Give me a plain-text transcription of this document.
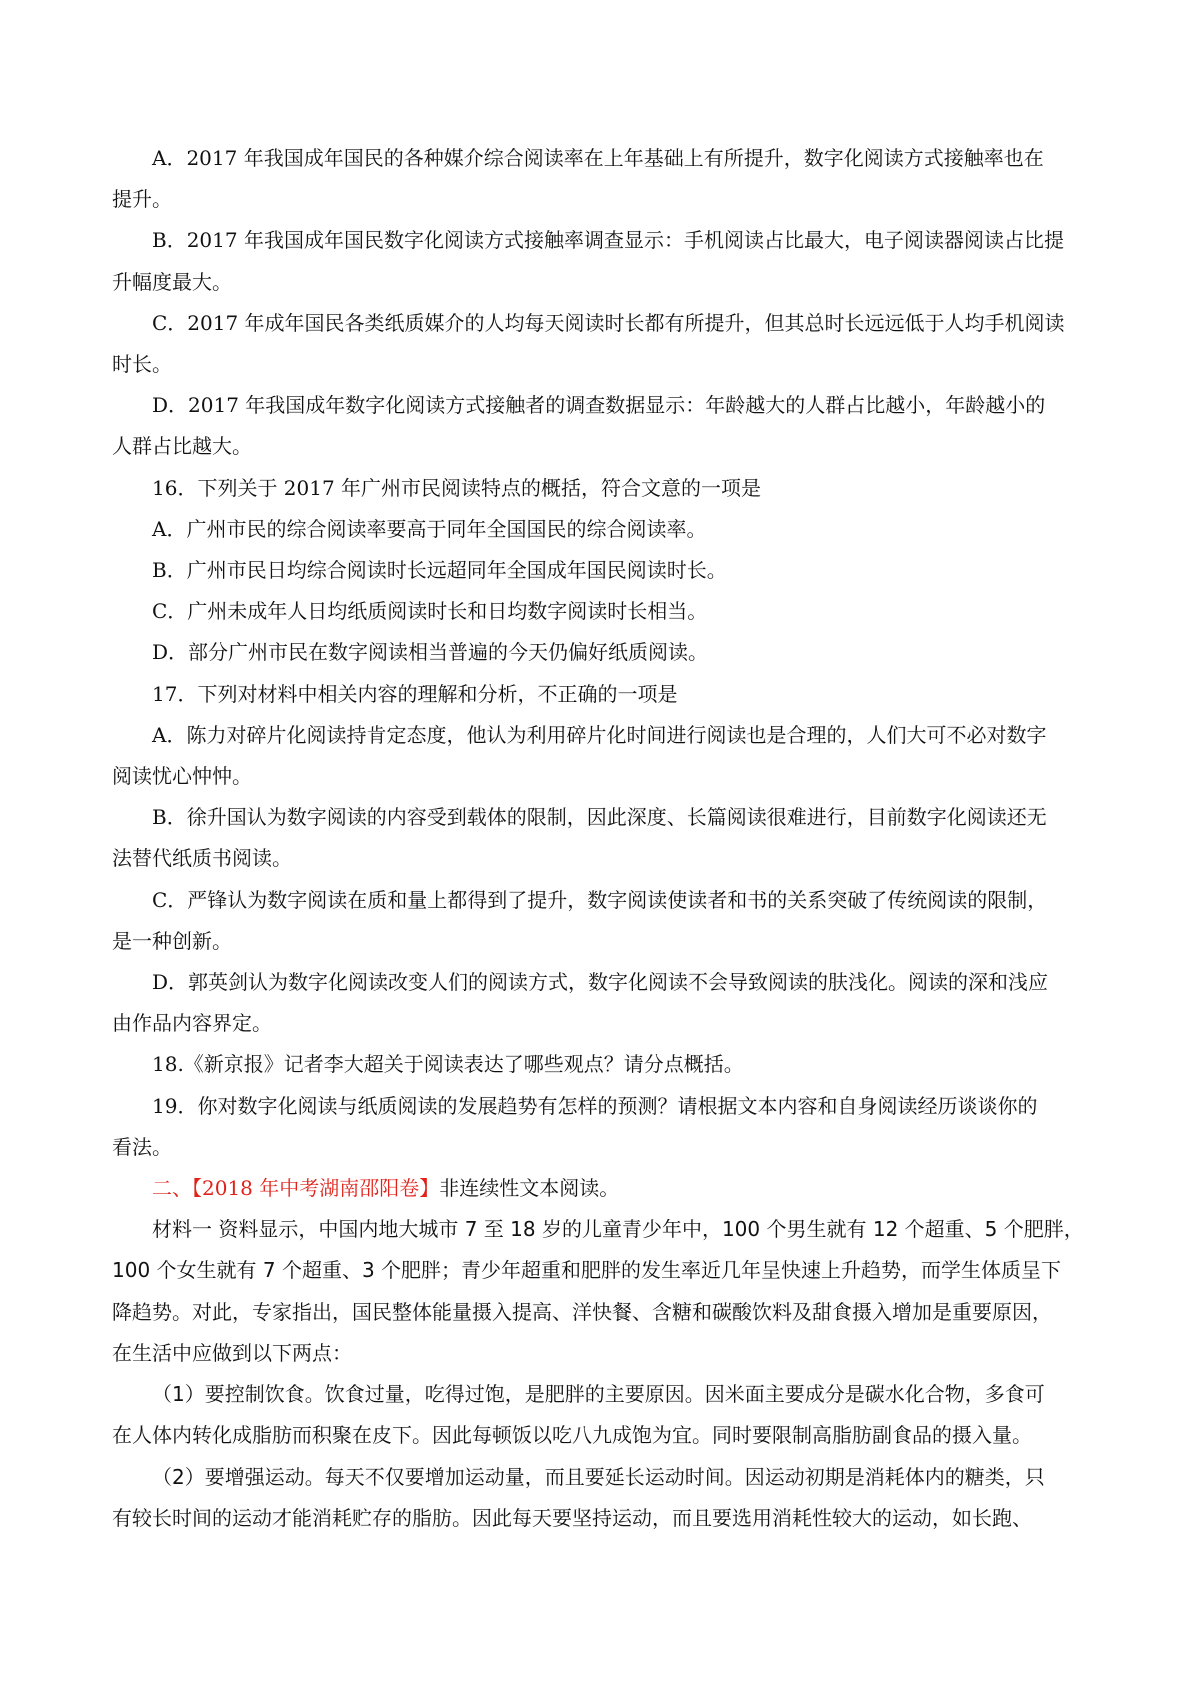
A．2017 年我国成年国民的各种媒介综合阅读率在上年基础上有所提升，数字化阅读方式接触率也在

提升。

B．2017 年我国成年国民数字化阅读方式接触率调查显示：手机阅读占比最大，电子阅读器阅读占比提

升幅度最大。

C．2017 年成年国民各类纸质媒介的人均每天阅读时长都有所提升，但其总时长远远低于人均手机阅读

时长。

D．2017 年我国成年数字化阅读方式接触者的调查数据显示：年龄越大的人群占比越小，年龄越小的

人群占比越大。

16．下列关于 2017 年广州市民阅读特点的概括，符合文意的一项是

A．广州市民的综合阅读率要高于同年全国国民的综合阅读率。

B．广州市民日均综合阅读时长远超同年全国成年国民阅读时长。

C．广州未成年人日均纸质阅读时长和日均数字阅读时长相当。

D．部分广州市民在数字阅读相当普遍的今天仍偏好纸质阅读。

17．下列对材料中相关内容的理解和分析，不正确的一项是

A．陈力对碎片化阅读持肯定态度，他认为利用碎片化时间进行阅读也是合理的，人们大可不必对数字

阅读忧心忡忡。

B．徐升国认为数字阅读的内容受到载体的限制，因此深度、长篇阅读很难进行，目前数字化阅读还无

法替代纸质书阅读。

C．严锋认为数字阅读在质和量上都得到了提升，数字阅读使读者和书的关系突破了传统阅读的限制，

是一种创新。

D．郭英剑认为数字化阅读改变人们的阅读方式，数字化阅读不会导致阅读的肤浅化。阅读的深和浅应

由作品内容界定。

18.《新京报》记者李大超关于阅读表达了哪些观点？请分点概括。

19．你对数字化阅读与纸质阅读的发展趋势有怎样的预测？请根据文本内容和自身阅读经历谈谈你的

看法。

二、【2018 年中考湖南邵阳卷】非连续性文本阅读。

材料一 资料显示，中国内地大城市 7 至 18 岁的儿童青少年中，100 个男生就有 12 个超重、5 个肥胖，

100 个女生就有 7 个超重、3 个肥胖；青少年超重和肥胖的发生率近几年呈快速上升趋势，而学生体质呈下

降趋势。对此，专家指出，国民整体能量摄入提高、洋快餐、含糖和碳酸饮料及甜食摄入增加是重要原因，

在生活中应做到以下两点：

（1）要控制饮食。饮食过量，吃得过饱，是肥胖的主要原因。因米面主要成分是碳水化合物，多食可

在人体内转化成脂肪而积聚在皮下。因此每顿饭以吃八九成饱为宜。同时要限制高脂肪副食品的摄入量。

（2）要增强运动。每天不仅要增加运动量，而且要延长运动时间。因运动初期是消耗体内的糖类，只

有较长时间的运动才能消耗贮存的脂肪。因此每天要坚持运动，而且要选用消耗性较大的运动，如长跑、
